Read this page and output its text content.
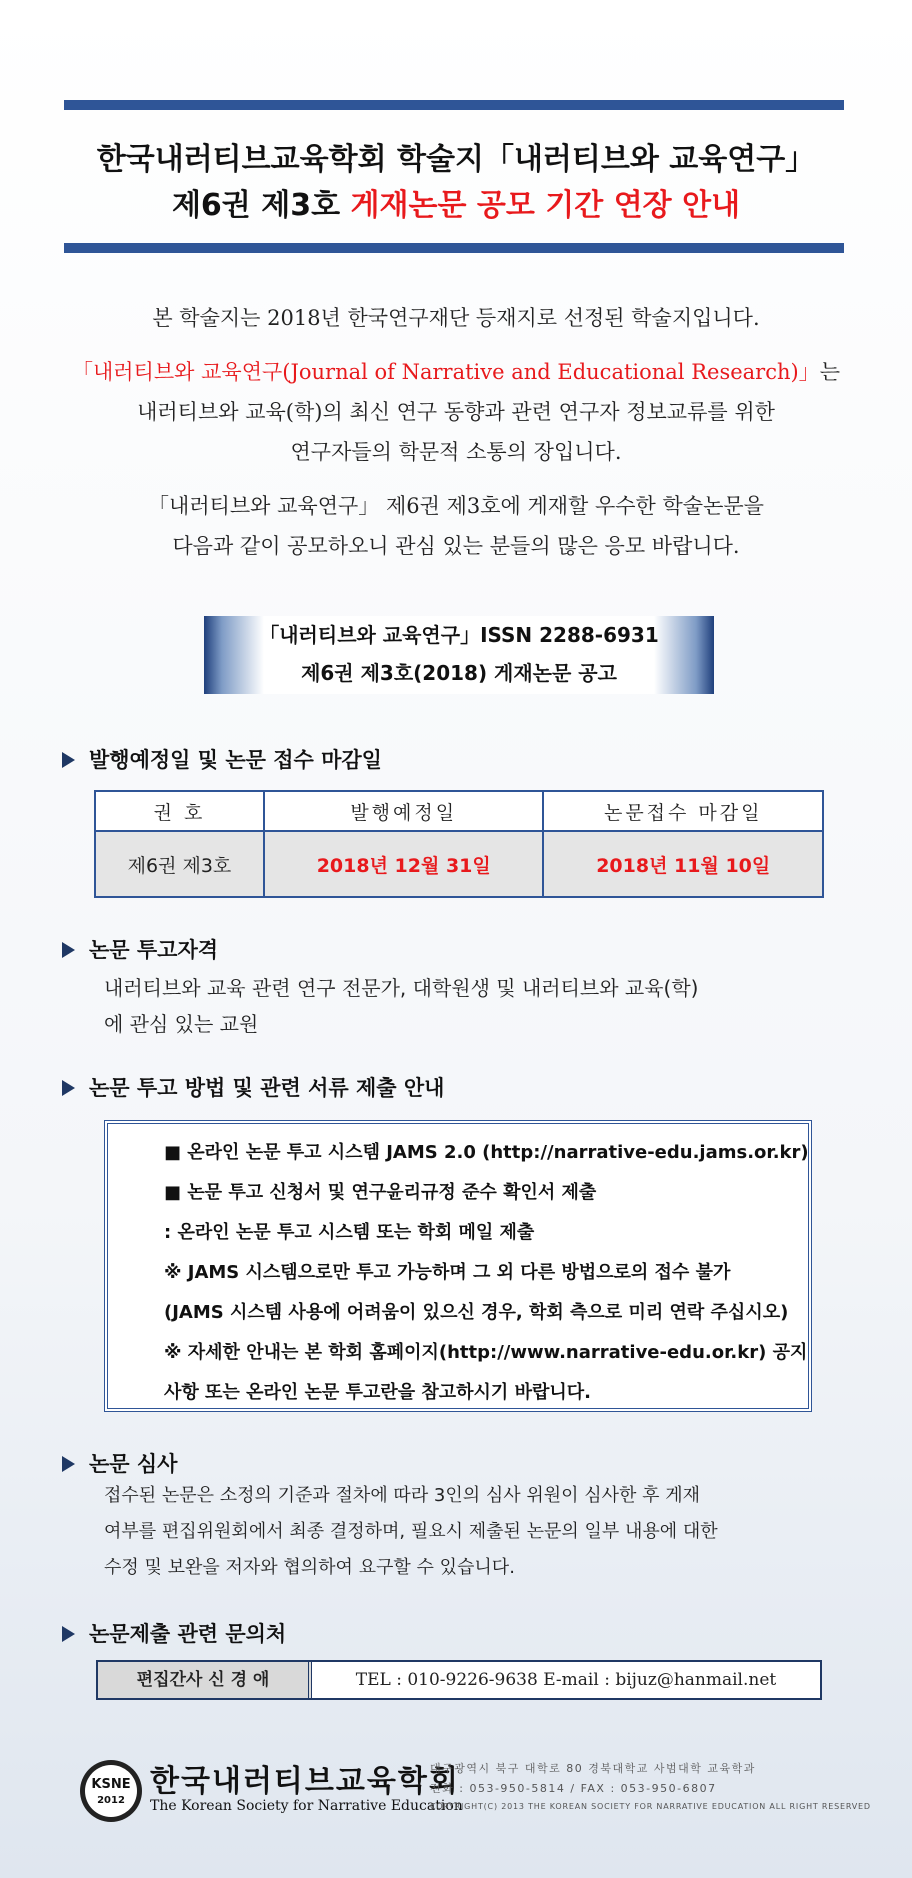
한국내러티브교육학회 학술지「내러티브와 교육연구」
제6권 제3호 게재논문 공모 기간 연장 안내
본 학술지는 2018년 한국연구재단 등재지로 선정된 학술지입니다.
「내러티브와 교육연구(Journal of Narrative and Educational Research)」는
내러티브와 교육(학)의 최신 연구 동향과 관련 연구자 정보교류를 위한
연구자들의 학문적 소통의 장입니다.
「내러티브와 교육연구」 제6권 제3호에 게재할 우수한 학술논문을
다음과 같이 공모하오니 관심 있는 분들의 많은 응모 바랍니다.
「내러티브와 교육연구」ISSN 2288-6931
제6권 제3호(2018) 게재논문 공고
발행예정일 및 논문 접수 마감일
권 호	발행예정일	논문접수 마감일
제6권 제3호	2018년 12월 31일	2018년 11월 10일
논문 투고자격
내러티브와 교육 관련 연구 전문가, 대학원생 및 내러티브와 교육(학)
에 관심 있는 교원
논문 투고 방법 및 관련 서류 제출 안내
■ 온라인 논문 투고 시스템 JAMS 2.0 (http://narrative-edu.jams.or.kr)
■ 논문 투고 신청서 및 연구윤리규정 준수 확인서 제출
: 온라인 논문 투고 시스템 또는 학회 메일 제출
※ JAMS 시스템으로만 투고 가능하며 그 외 다른 방법으로의 접수 불가
(JAMS 시스템 사용에 어려움이 있으신 경우, 학회 측으로 미리 연락 주십시오)
※ 자세한 안내는 본 학회 홈페이지(http://www.narrative-edu.or.kr) 공지
사항 또는 온라인 논문 투고란을 참고하시기 바랍니다.
논문 심사
접수된 논문은 소정의 기준과 절차에 따라 3인의 심사 위원이 심사한 후 게재
여부를 편집위원회에서 최종 결정하며, 필요시 제출된 논문의 일부 내용에 대한
수정 및 보완을 저자와 협의하여 요구할 수 있습니다.
논문제출 관련 문의처
편집간사 신 경 애	TEL : 010-9226-9638 E-mail : bijuz@hanmail.net
KSNE
2012
한국내러티브교육학회
The Korean Society for Narrative Education
대구광역시 북구 대학로 80 경북대학교 사범대학 교육학과
전화 : 053-950-5814 / FAX : 053-950-6807
COPYRIGHT(C) 2013 THE KOREAN SOCIETY FOR NARRATIVE EDUCATION ALL RIGHT RESERVED
